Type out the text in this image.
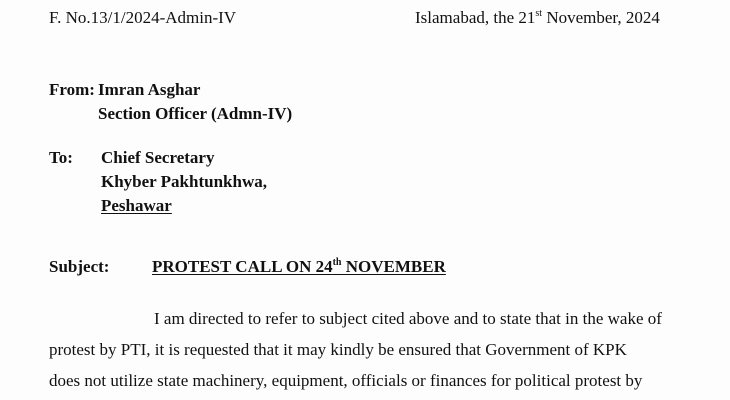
F. No.13/1/2024-Admin-IV	Islamabad, the 21st November, 2024
From: Imran Asghar
Section Officer (Admn-IV)
To: Chief Secretary
Khyber Pakhtunkhwa,
Peshawar
Subject:	PROTEST CALL ON 24th NOVEMBER
I am directed to refer to subject cited above and to state that in the wake of
protest by PTI, it is requested that it may kindly be ensured that Government of KPK
does not utilize state machinery, equipment, officials or finances for political protest by
